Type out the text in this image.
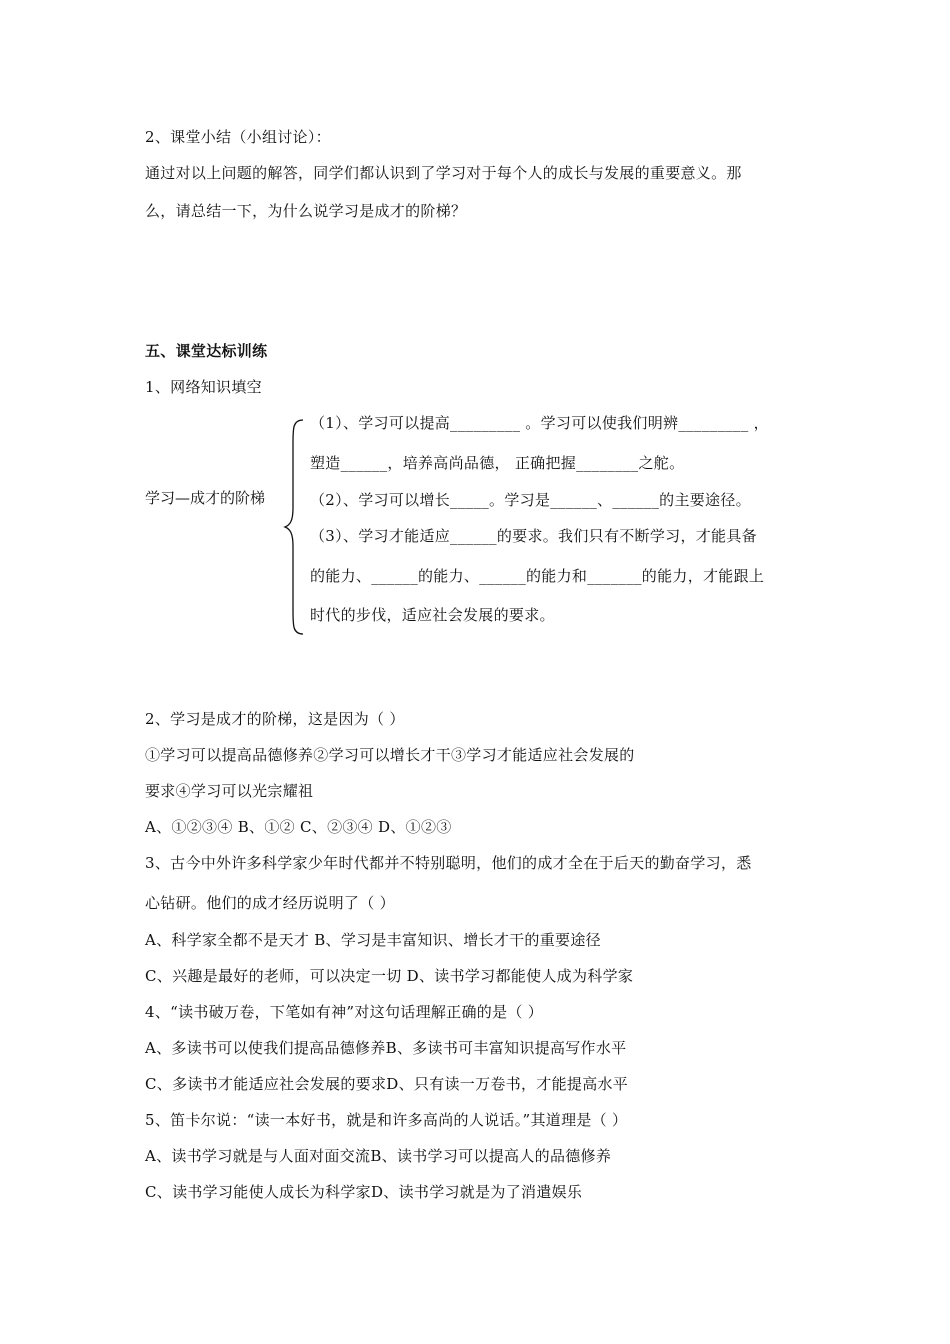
2、课堂小结（小组讨论）：
通过对以上问题的解答，同学们都认识到了学习对于每个人的成长与发展的重要意义。那
么，请总结一下，为什么说学习是成才的阶梯？
五、课堂达标训练
1、网络知识填空
学习—成才的阶梯
（1）、学习可以提高_________ 。学习可以使我们明辨_________ ，
塑造______，培养高尚品德， 正确把握________之舵。
（2）、学习可以增长_____。学习是______、______的主要途径。
（3）、学习才能适应______的要求。我们只有不断学习，才能具备
的能力、______的能力、______的能力和_______的能力，才能跟上
时代的步伐，适应社会发展的要求。
2、学习是成才的阶梯，这是因为（ ）
①学习可以提高品德修养②学习可以增长才干③学习才能适应社会发展的
要求④学习可以光宗耀祖
A、①②③④ B、①② C、②③④ D、①②③
3、古今中外许多科学家少年时代都并不特别聪明，他们的成才全在于后天的勤奋学习，悉
心钻研。他们的成才经历说明了（ ）
A、科学家全都不是天才 B、学习是丰富知识、增长才干的重要途径
C、兴趣是最好的老师，可以决定一切 D、读书学习都能使人成为科学家
4、“读书破万卷，下笔如有神”对这句话理解正确的是（ ）
A、多读书可以使我们提高品德修养B、多读书可丰富知识提高写作水平
C、多读书才能适应社会发展的要求D、只有读一万卷书，才能提高水平
5、笛卡尔说：“读一本好书，就是和许多高尚的人说话。”其道理是（ ）
A、读书学习就是与人面对面交流B、读书学习可以提高人的品德修养
C、读书学习能使人成长为科学家D、读书学习就是为了消遣娱乐
